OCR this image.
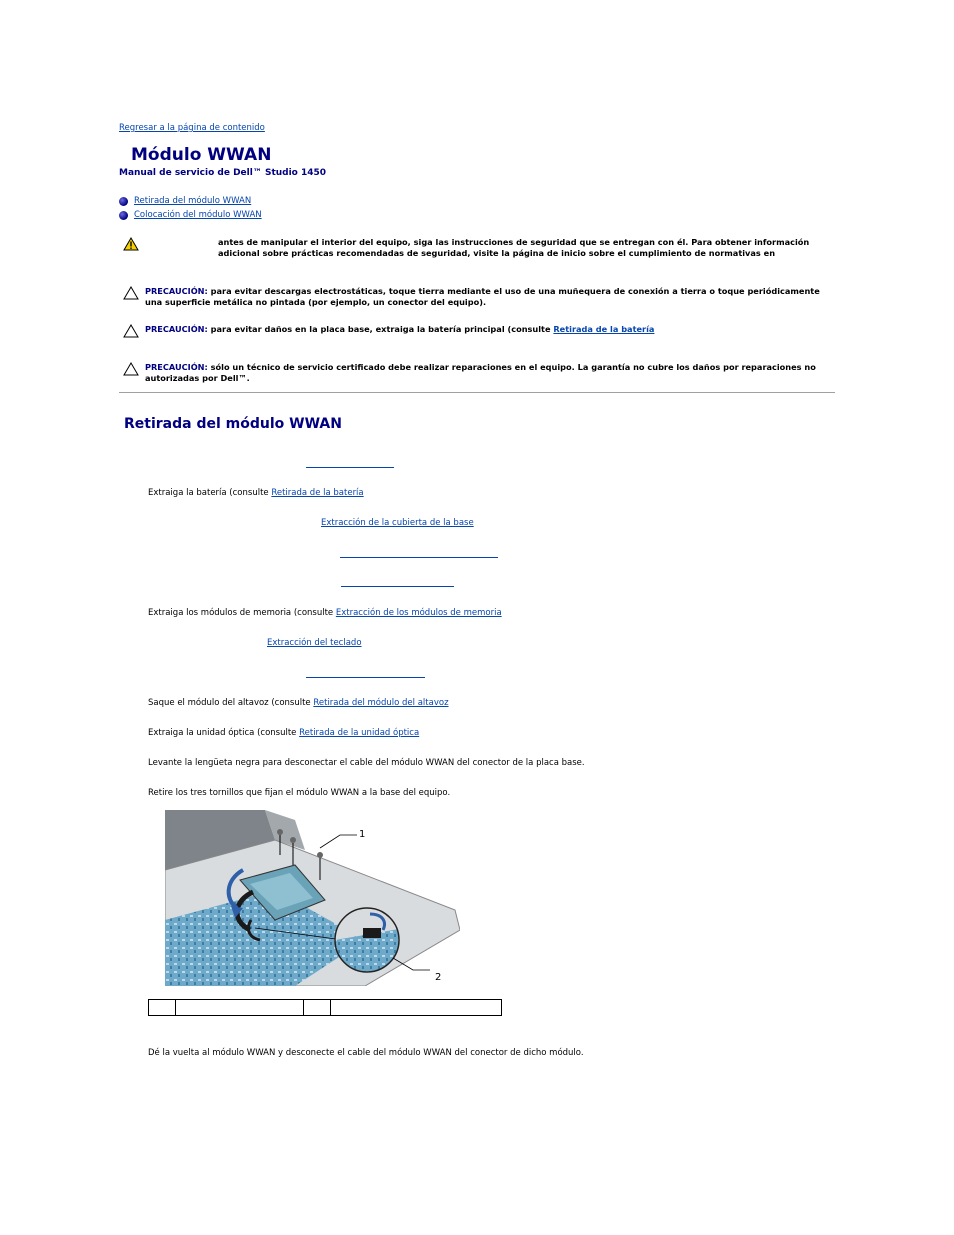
Regresar a la página de contenido
Módulo WWAN
Manual de servicio de Dell™ Studio 1450
Retirada del módulo WWAN
Colocación del módulo WWAN
antes de manipular el interior del equipo, siga las instrucciones de seguridad que se entregan con él. Para obtener información adicional sobre prácticas recomendadas de seguridad, visite la página de inicio sobre el cumplimiento de normativas en
PRECAUCIÓN: para evitar descargas electrostáticas, toque tierra mediante el uso de una muñequera de conexión a tierra o toque periódicamente una superficie metálica no pintada (por ejemplo, un conector del equipo).
PRECAUCIÓN: para evitar daños en la placa base, extraiga la batería principal (consulte Retirada de la batería
PRECAUCIÓN: sólo un técnico de servicio certificado debe realizar reparaciones en el equipo. La garantía no cubre los daños por reparaciones no autorizadas por Dell™.
Retirada del módulo WWAN
Extraiga la batería (consulte Retirada de la batería
Extracción de la cubierta de la base
Extraiga los módulos de memoria (consulte Extracción de los módulos de memoria
Extracción del teclado
Saque el módulo del altavoz (consulte Retirada del módulo del altavoz
Extraiga la unidad óptica (consulte Retirada de la unidad óptica
Levante la lengüeta negra para desconectar el cable del módulo WWAN del conector de la placa base.
Retire los tres tornillos que fijan el módulo WWAN a la base del equipo.
1
2
Dé la vuelta al módulo WWAN y desconecte el cable del módulo WWAN del conector de dicho módulo.
